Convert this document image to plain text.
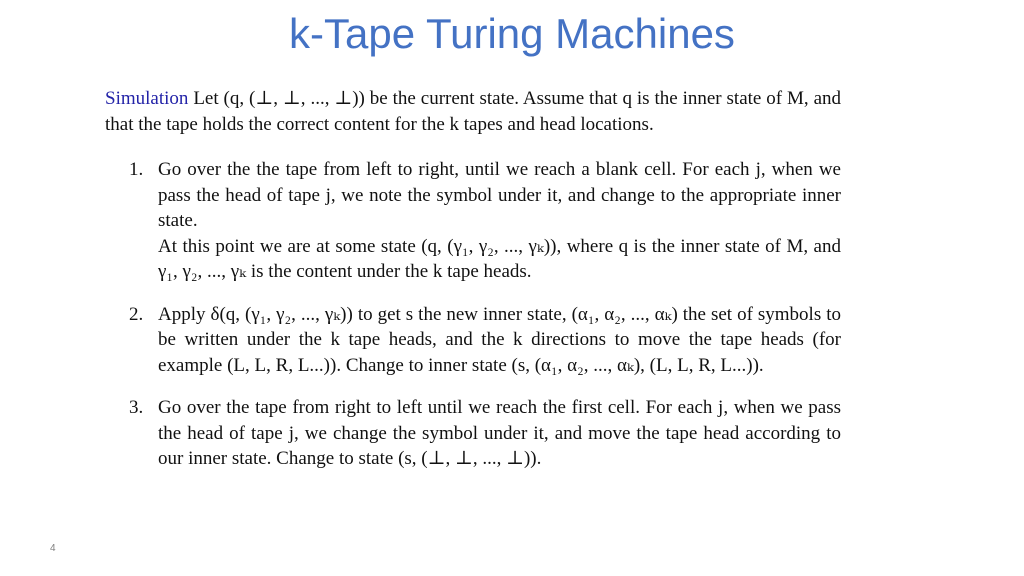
k-Tape Turing Machines

Simulation Let (q, (⊥, ⊥, ..., ⊥)) be the current state. Assume that q is the inner state of M, and that the tape holds the correct content for the k tapes and head locations.

1. Go over the the tape from left to right, until we reach a blank cell. For each j, when we pass the head of tape j, we note the symbol under it, and change to the appropriate inner state.
At this point we are at some state (q, (γ₁, γ₂, ..., γₖ)), where q is the inner state of M, and γ₁, γ₂, ..., γₖ is the content under the k tape heads.
2. Apply δ(q, (γ₁, γ₂, ..., γₖ)) to get s the new inner state, (α₁, α₂, ..., αₖ) the set of symbols to be written under the k tape heads, and the k directions to move the tape heads (for example (L, L, R, L...)). Change to inner state (s, (α₁, α₂, ..., αₖ), (L, L, R, L...)).
3. Go over the tape from right to left until we reach the first cell. For each j, when we pass the head of tape j, we change the symbol under it, and move the tape head according to our inner state. Change to state (s, (⊥, ⊥, ..., ⊥)).
4
